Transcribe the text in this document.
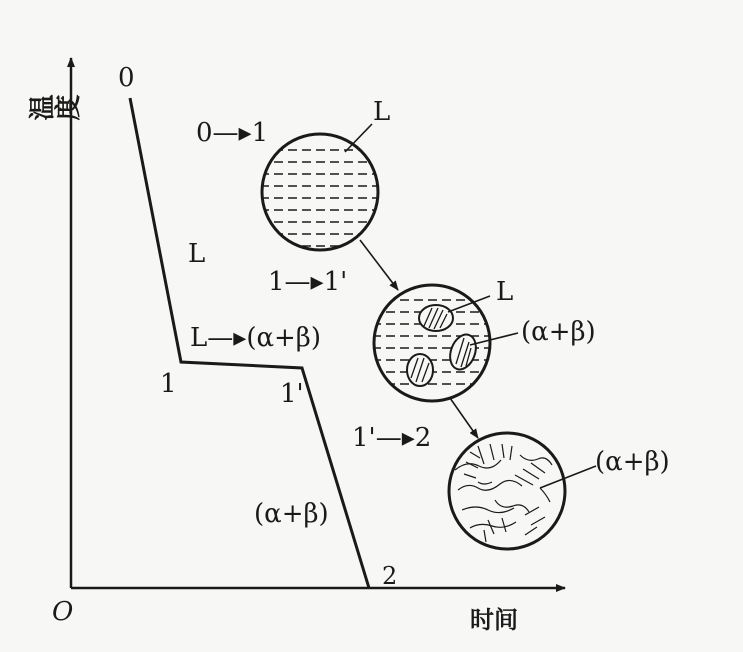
温度
时间
O
0
1	1'
2
L
L—▸(α+β)
(α+β)
0—▸1
1—▸1'
1'—▸2
L
L
(α+β)
(α+β)
